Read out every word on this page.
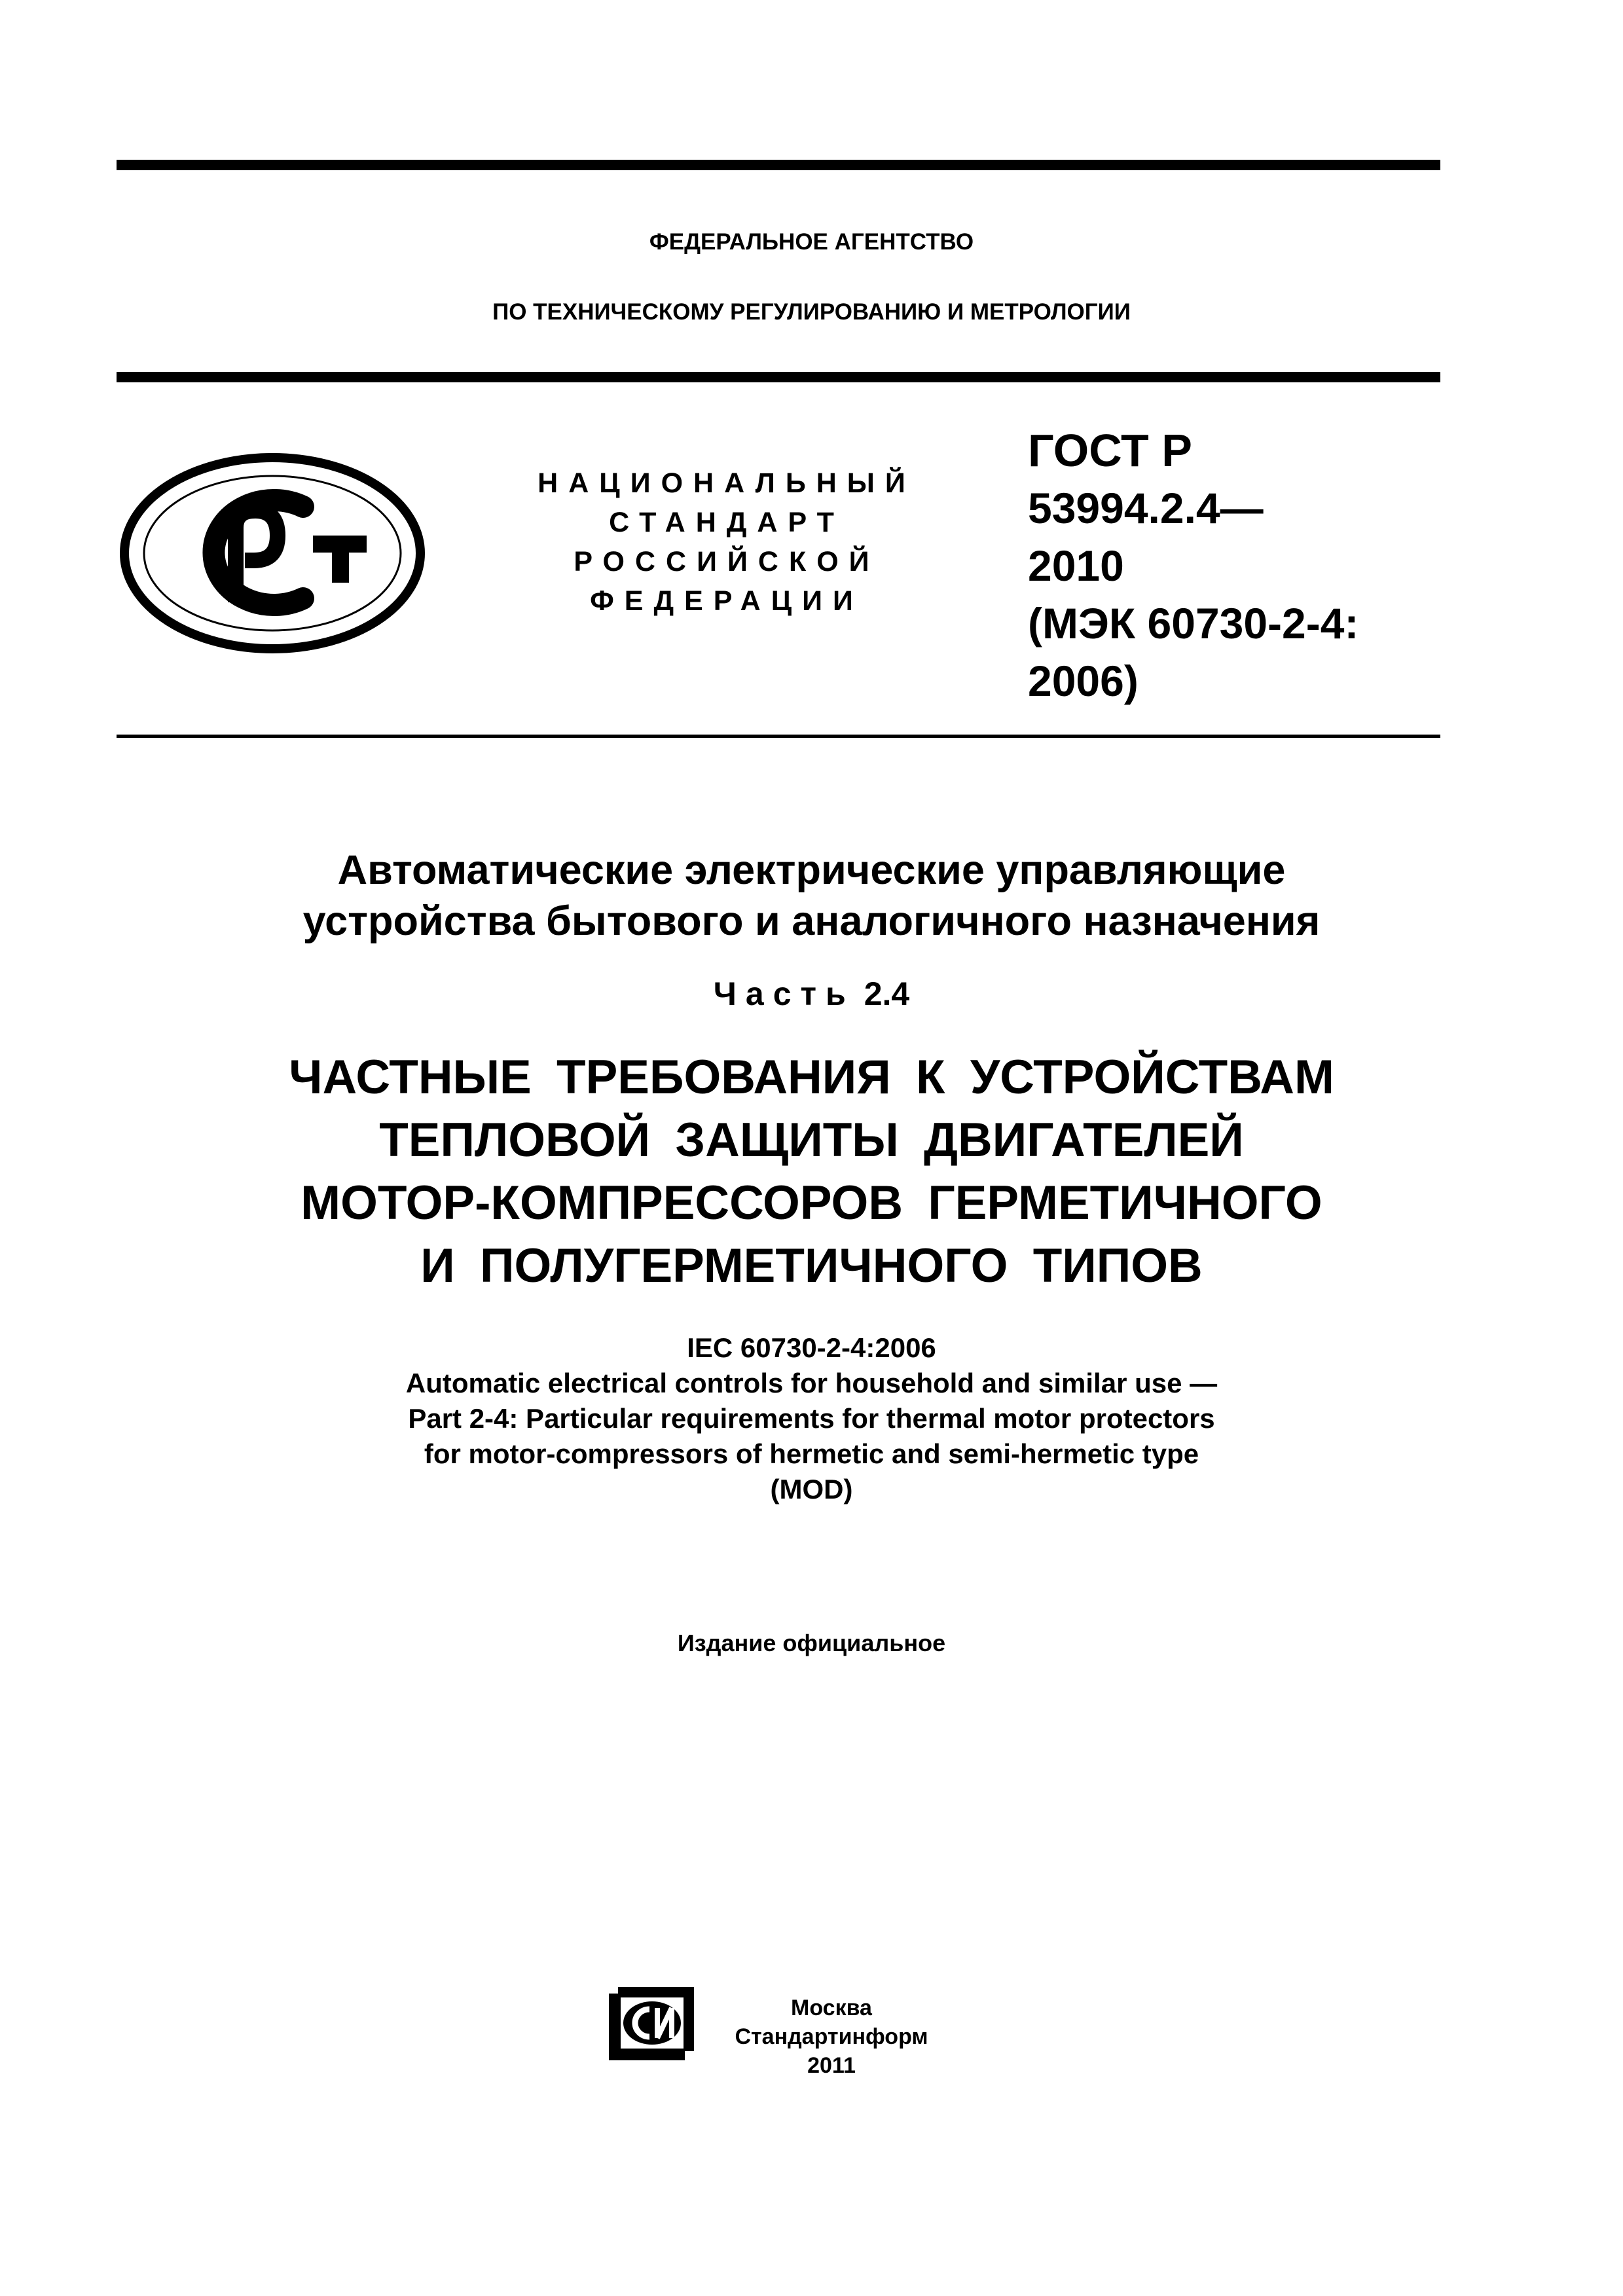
ФЕДЕРАЛЬНОЕ АГЕНТСТВО
ПО ТЕХНИЧЕСКОМУ РЕГУЛИРОВАНИЮ И МЕТРОЛОГИИ
НАЦИОНАЛЬНЫЙ
СТАНДАРТ
РОССИЙСКОЙ
ФЕДЕРАЦИИ
ГОСТ Р
53994.2.4—
2010
(МЭК 60730-2-4:
2006)
Автоматические электрические управляющие
устройства бытового и аналогичного назначения
Часть 2.4
ЧАСТНЫЕ ТРЕБОВАНИЯ К УСТРОЙСТВАМ
ТЕПЛОВОЙ ЗАЩИТЫ ДВИГАТЕЛЕЙ
МОТОР-КОМПРЕССОРОВ ГЕРМЕТИЧНОГО
И ПОЛУГЕРМЕТИЧНОГО ТИПОВ
IEC 60730-2-4:2006
Automatic electrical controls for household and similar use —
Part 2-4: Particular requirements for thermal motor protectors
for motor-compressors of hermetic and semi-hermetic type
(MOD)
Издание официальное
Москва
Стандартинформ
2011
